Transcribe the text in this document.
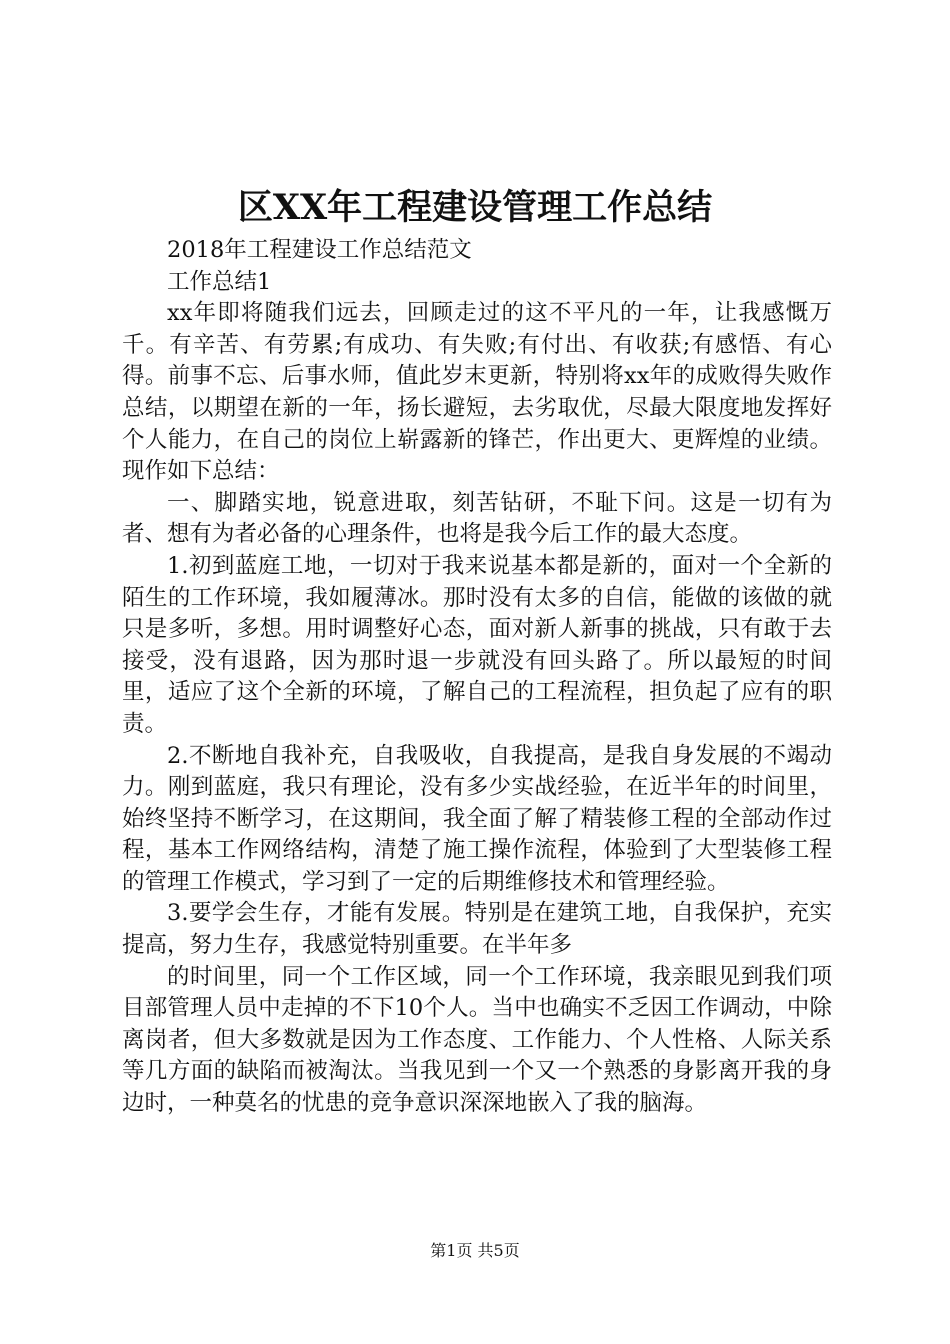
区XX年工程建设管理工作总结

2018年工程建设工作总结范文

工作总结1

xx年即将随我们远去，回顾走过的这不平凡的一年，让我感慨万千。有辛苦、有劳累;有成功、有失败;有付出、有收获;有感悟、有心得。前事不忘、后事水师，值此岁末更新，特别将xx年的成败得失败作总结，以期望在新的一年，扬长避短，去劣取优，尽最大限度地发挥好个人能力，在自己的岗位上崭露新的锋芒，作出更大、更辉煌的业绩。现作如下总结：

一、脚踏实地，锐意进取，刻苦钻研，不耻下问。这是一切有为者、想有为者必备的心理条件，也将是我今后工作的最大态度。

1.初到蓝庭工地，一切对于我来说基本都是新的，面对一个全新的陌生的工作环境，我如履薄冰。那时没有太多的自信，能做的该做的就只是多听，多想。用时调整好心态，面对新人新事的挑战，只有敢于去接受，没有退路，因为那时退一步就没有回头路了。所以最短的时间里，适应了这个全新的环境，了解自己的工程流程，担负起了应有的职责。

2.不断地自我补充，自我吸收，自我提高，是我自身发展的不竭动力。刚到蓝庭，我只有理论，没有多少实战经验，在近半年的时间里，始终坚持不断学习，在这期间，我全面了解了精装修工程的全部动作过程，基本工作网络结构，清楚了施工操作流程，体验到了大型装修工程的管理工作模式，学习到了一定的后期维修技术和管理经验。

3.要学会生存，才能有发展。特别是在建筑工地，自我保护，充实提高，努力生存，我感觉特别重要。在半年多

的时间里，同一个工作区域，同一个工作环境，我亲眼见到我们项目部管理人员中走掉的不下10个人。当中也确实不乏因工作调动，中除离岗者，但大多数就是因为工作态度、工作能力、个人性格、人际关系等几方面的缺陷而被淘汰。当我见到一个又一个熟悉的身影离开我的身边时，一种莫名的忧患的竞争意识深深地嵌入了我的脑海。

第1页 共5页
